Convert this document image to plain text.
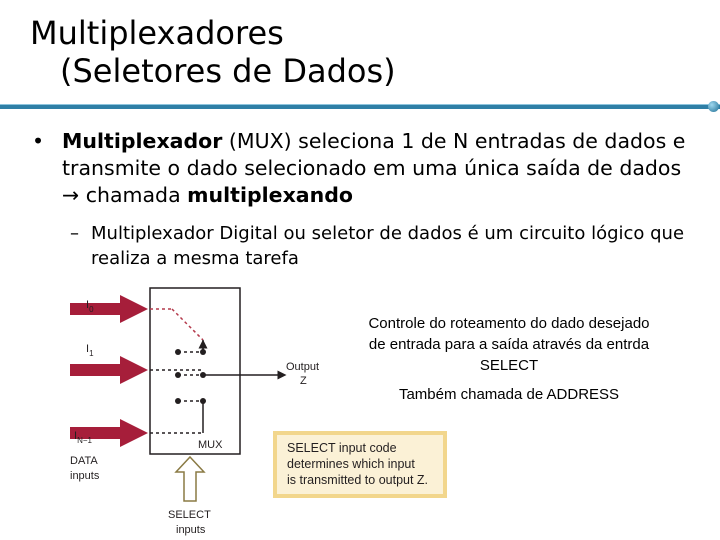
Multiplexadores
(Seletores de Dados)
• Multiplexador (MUX) seleciona 1 de N entradas de dados e transmite o dado selecionado em uma única saída de dados → chamada multiplexando
– Multiplexador Digital ou seletor de dados é um circuito lógico que realiza a mesma tarefa
$I_0$
$I_1$
$I_{N-1}$
DATA
inputs
Output
Z
MUX
SELECT
inputs
SELECT input code
determines which input
is transmitted to output Z.
Controle do roteamento do dado desejado de entrada para a saída através da entrda SELECT
Também chamada de ADDRESS
